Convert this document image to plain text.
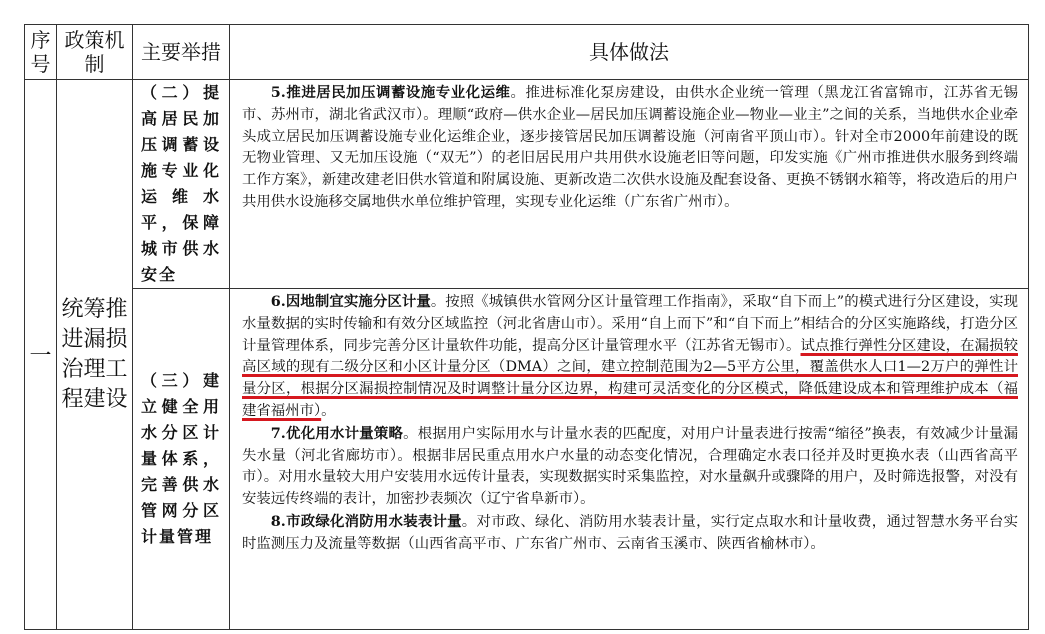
序号	政策机制	主要举措	具体做法
一	统筹推进漏损治理工程建设	（二）提高居民加压调蓄设施专业化运维水平，保障城市供水安全	5.推进居民加压调蓄设施专业化运维。推进标准化泵房建设，由供水企业统一管理（黑龙江省富锦市，江苏省无锡市、苏州市，湖北省武汉市）。理顺“政府—供水企业—居民加压调蓄设施企业—物业—业主”之间的关系，当地供水企业牵头成立居民加压调蓄设施专业化运维企业，逐步接管居民加压调蓄设施（河南省平顶山市）。针对全市2000年前建设的既无物业管理、又无加压设施（“双无”）的老旧居民用户共用供水设施老旧等问题，印发实施《广州市推进供水服务到终端工作方案》，新建改建老旧供水管道和附属设施、更新改造二次供水设施及配套设备、更换不锈钢水箱等，将改造后的用户共用供水设施移交属地供水单位维护管理，实现专业化运维（广东省广州市）。

		（三）建立健全用水分区计量体系，完善供水管网分区计量管理	6.因地制宜实施分区计量。按照《城镇供水管网分区计量管理工作指南》，采取“自下而上”的模式进行分区建设，实现水量数据的实时传输和有效分区域监控（河北省唐山市）。采用“自上而下”和“自下而上”相结合的分区实施路线，打造分区计量管理体系，同步完善分区计量软件功能，提高分区计量管理水平（江苏省无锡市）。试点推行弹性分区建设，在漏损较高区域的现有二级分区和小区计量分区（DMA）之间，建立控制范围为2—5平方公里，覆盖供水人口1—2万户的弹性计量分区，根据分区漏损控制情况及时调整计量分区边界，构建可灵活变化的分区模式，降低建设成本和管理维护成本（福建省福州市）。

7.优化用水计量策略。根据用户实际用水与计量水表的匹配度，对用户计量表进行按需“缩径”换表，有效减少计量漏失水量（河北省廊坊市）。根据非居民重点用水户水量的动态变化情况，合理确定水表口径并及时更换水表（山西省高平市）。对用水量较大用户安装用水远传计量表，实现数据实时采集监控，对水量飙升或骤降的用户，及时筛选报警，对没有安装远传终端的表计，加密抄表频次（辽宁省阜新市）。

8.市政绿化消防用水装表计量。对市政、绿化、消防用水装表计量，实行定点取水和计量收费，通过智慧水务平台实时监测压力及流量等数据（山西省高平市、广东省广州市、云南省玉溪市、陕西省榆林市）。
